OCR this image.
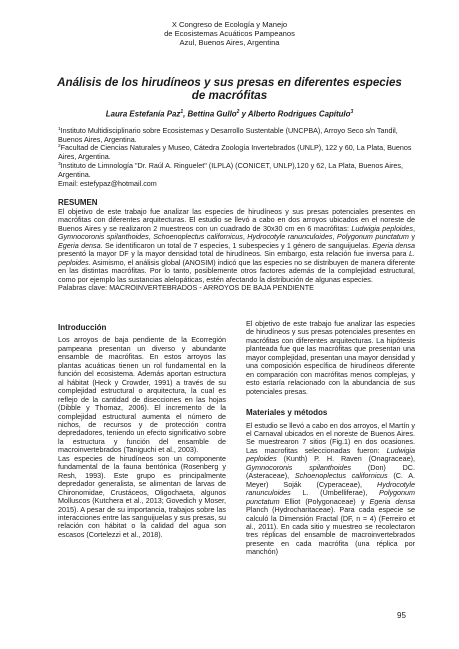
X Congreso de Ecología y Manejo
de Ecosistemas Acuáticos Pampeanos
Azul, Buenos Aires, Argentina
Análisis de los hirudíneos y sus presas en diferentes especies
de macrófitas
Laura Estefanía Paz$^1$, Bettina Gullo$^2$ y Alberto Rodrigues Capítulo$^3$
$^1$Instituto Multidisciplinario sobre Ecosistemas y Desarrollo Sustentable (UNCPBA), Arroyo Seco s/n Tandil, Buenos Aires, Argentina.
$^2$Facultad de Ciencias Naturales y Museo, Cátedra Zoología Invertebrados (UNLP), 122 y 60, La Plata, Buenos Aires, Argentina.
$^3$Instituto de Limnología "Dr. Raúl A. Ringuelet" (ILPLA) (CONICET, UNLP),120 y 62, La Plata, Buenos Aires, Argentina.
Email: estefypaz@hotmail.com
RESUMEN

El objetivo de este trabajo fue analizar las especies de hirudíneos y sus presas potenciales presentes en macrófitas con diferentes arquitecturas. El estudio se llevó a cabo en dos arroyos ubicados en el noreste de Buenos Aires y se realizaron 2 muestreos con un cuadrado de 30x30 cm en 6 macrófitas: Ludwigia peploides, Gymnocoronis spilanthoides, Schoenoplectus californicus, Hydrocotyle ranunculoides, Polygonum punctatum y Egeria densa. Se identificaron un total de 7 especies, 1 subespecies y 1 género de sanguijuelas. Egeria densa presentó la mayor DF y la mayor densidad total de hirudíneos. Sin embargo, esta relación fue inversa para L. peploides. Asimismo, el análisis global (ANOSIM) indicó que las especies no se distribuyen de manera diferente en las distintas macrófitas. Por lo tanto, posiblemente otros factores además de la complejidad estructural, como por ejemplo las sustancias alelopáticas, estén afectando la distribución de algunas especies.

Palabras clave: MACROINVERTEBRADOS - ARROYOS DE BAJA PENDIENTE

Introducción

Los arroyos de baja pendiente de la Ecorregión pampeana presentan un diverso y abundante ensamble de macrófitas. En estos arroyos las plantas acuáticas tienen un rol fundamental en la función del ecosistema. Además aportan estructura al hábitat (Heck y Crowder, 1991) a través de su complejidad estructural o arquitectura, la cual es reflejo de la cantidad de disecciones en las hojas (Dibble y Thomaz, 2006). El incremento de la complejidad estructural aumenta el número de nichos, de recursos y de protección contra depredadores, teniendo un efecto significativo sobre la estructura y función del ensamble de macroinvertebrados (Taniguchi et al., 2003).

Las especies de hirudíneos son un componente fundamental de la fauna bentónica (Rosenberg y Resh, 1993). Este grupo es principalmente depredador generalista, se alimentan de larvas de Chironomidae, Crustáceos, Oligochaeta, algunos Molluscos (Kutchera et al., 2013; Govedich y Moser, 2015). A pesar de su importancia, trabajos sobre las interacciones entre las sanguijuelas y sus presas, su relación con hábitat o la calidad del agua son escasos (Cortelezzi et al., 2018).

El objetivo de este trabajo fue analizar las especies de hirudíneos y sus presas potenciales presentes en macrófitas con diferentes arquitecturas. La hipótesis planteada fue que las macrófitas que presentan una mayor complejidad, presentan una mayor densidad y una composición específica de hirudíneos diferente en comparación con macrófitas menos complejas, y esto estaría relacionado con la abundancia de sus potenciales presas.

Materiales y métodos

El estudio se llevó a cabo en dos arroyos, el Martín y el Carnaval ubicados en el noreste de Buenos Aires. Se muestrearon 7 sitios (Fig.1) en dos ocasiones. Las macrofitas seleccionadas fueron: Ludwigia peploides (Kunth) P. H. Raven (Onagraceae), Gymnocoronis spilanthoides (Don) DC. (Asteraceae), Schoenoplectus californicus (C. A. Meyer) Soják (Cyperaceae), Hydrocotyle ranunculoides L. (Umbelliferae), Polygonum punctatum Elliot (Polygonaceae) y Egeria densa Planch (Hydrocharitaceae). Para cada especie se calculó la Dimensión Fractal (DF, n = 4) (Ferreiro et al., 2011). En cada sitio y muestreo se recolectaron tres réplicas del ensamble de macroinvertebrados presente en cada macrófita (una réplica por manchón)

95
